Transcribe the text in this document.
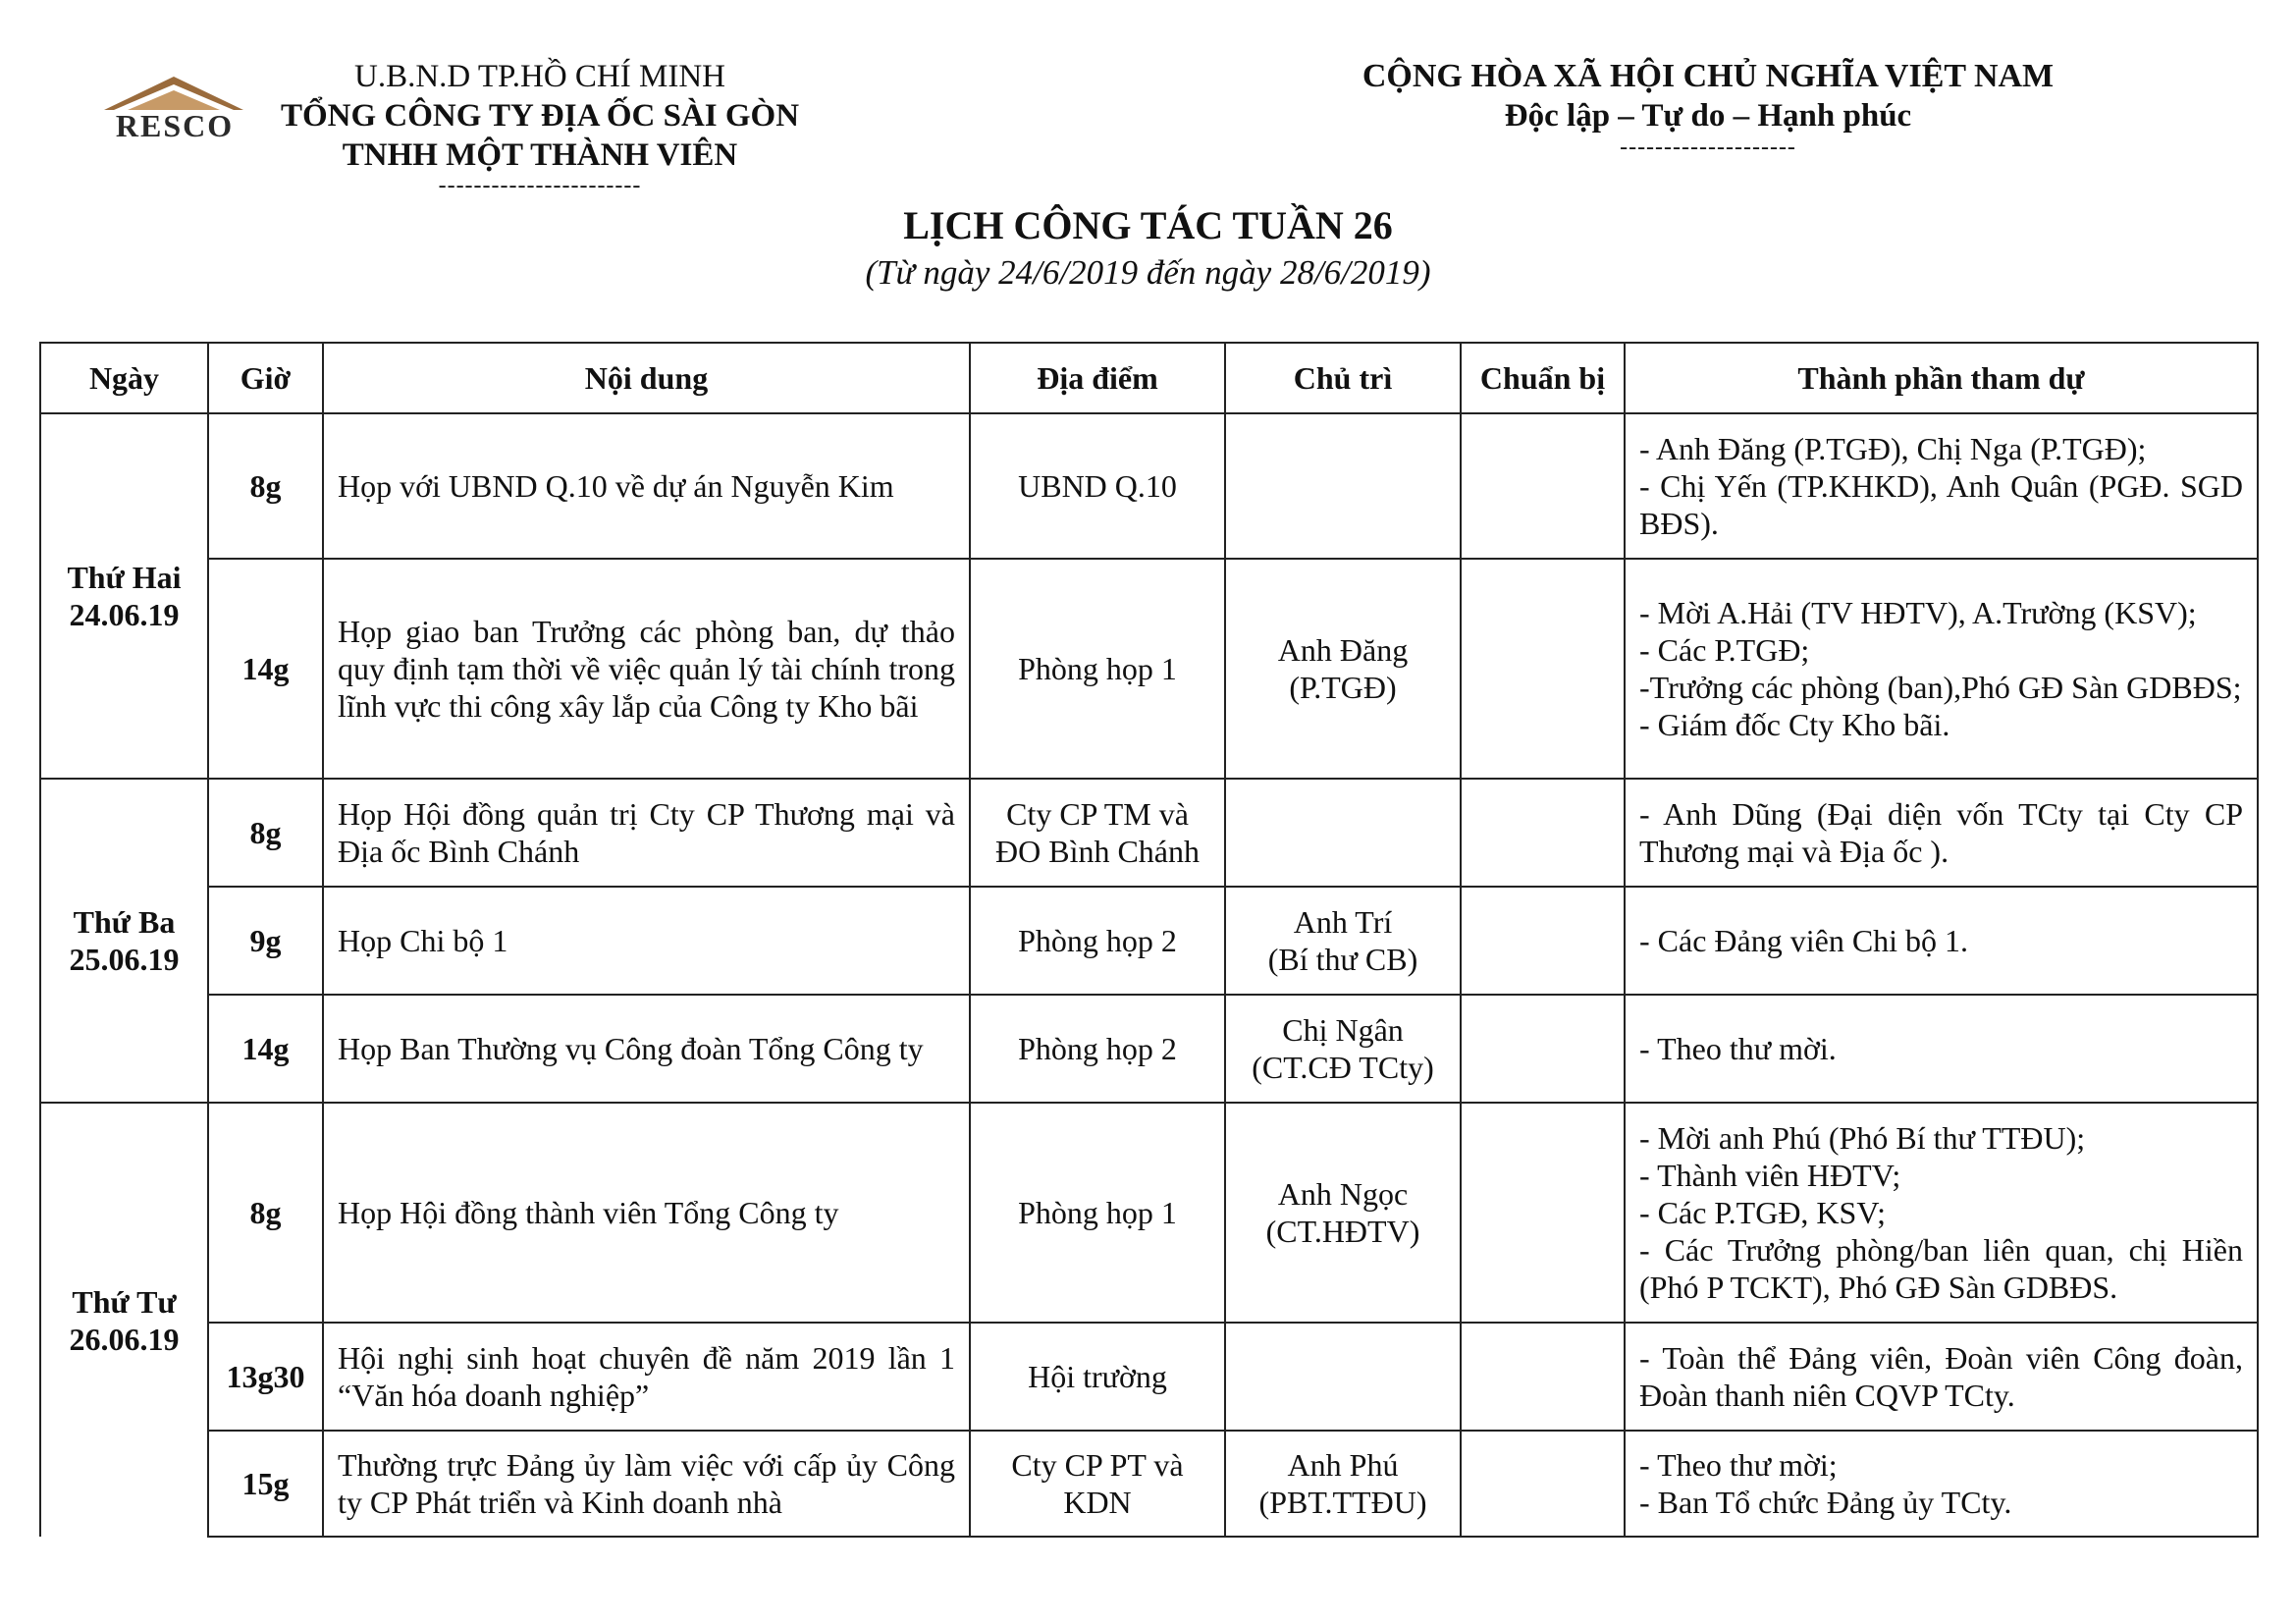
RESCO
U.B.N.D TP.HỒ CHÍ MINH
TỔNG CÔNG TY ĐỊA ỐC SÀI GÒN
TNHH MỘT THÀNH VIÊN
-----------------------
CỘNG HÒA XÃ HỘI CHỦ NGHĨA VIỆT NAM
Độc lập – Tự do – Hạnh phúc
--------------------
LỊCH CÔNG TÁC TUẦN 26
(Từ ngày 24/6/2019 đến ngày 28/6/2019)
Ngày	Giờ	Nội dung	Địa điểm	Chủ trì	Chuẩn bị	Thành phần tham dự

Thứ Hai
24.06.19	8g	Họp với UBND Q.10 về dự án Nguyễn Kim	UBND Q.10			- Anh Đăng (P.TGĐ), Chị Nga (P.TGĐ);
- Chị Yến (TP.KHKD), Anh Quân (PGĐ. SGD BĐS).

	14g	Họp giao ban Trưởng các phòng ban, dự thảo quy định tạm thời về việc quản lý tài chính trong lĩnh vực thi công xây lắp của Công ty Kho bãi	Phòng họp 1	Anh Đăng
(P.TGĐ)		- Mời A.Hải (TV HĐTV), A.Trường (KSV);
- Các P.TGĐ;
-Trưởng các phòng (ban),Phó GĐ Sàn GDBĐS;
- Giám đốc Cty Kho bãi.

Thứ Ba
25.06.19	8g	Họp Hội đồng quản trị Cty CP Thương mại và Địa ốc Bình Chánh	Cty CP TM và
ĐO Bình Chánh			- Anh Dũng (Đại diện vốn TCty tại Cty CP Thương mại và Địa ốc ).

	9g	Họp Chi bộ 1	Phòng họp 2	Anh Trí
(Bí thư CB)		- Các Đảng viên Chi bộ 1.

	14g	Họp Ban Thường vụ Công đoàn Tổng Công ty	Phòng họp 2	Chị Ngân
(CT.CĐ TCty)		- Theo thư mời.

Thứ Tư
26.06.19	8g	Họp Hội đồng thành viên Tổng Công ty	Phòng họp 1	Anh Ngọc
(CT.HĐTV)		- Mời anh Phú (Phó Bí thư TTĐU);
- Thành viên HĐTV;
- Các P.TGĐ, KSV;
- Các Trưởng phòng/ban liên quan, chị Hiền (Phó P TCKT), Phó GĐ Sàn GDBĐS.

	13g30	Hội nghị sinh hoạt chuyên đề năm 2019 lần 1 “Văn hóa doanh nghiệp”	Hội trường			- Toàn thể Đảng viên, Đoàn viên Công đoàn, Đoàn thanh niên CQVP TCty.

	15g	Thường trực Đảng ủy làm việc với cấp ủy Công ty CP Phát triển và Kinh doanh nhà	Cty CP PT và
KDN	Anh Phú
(PBT.TTĐU)		- Theo thư mời;
- Ban Tổ chức Đảng ủy TCty.
